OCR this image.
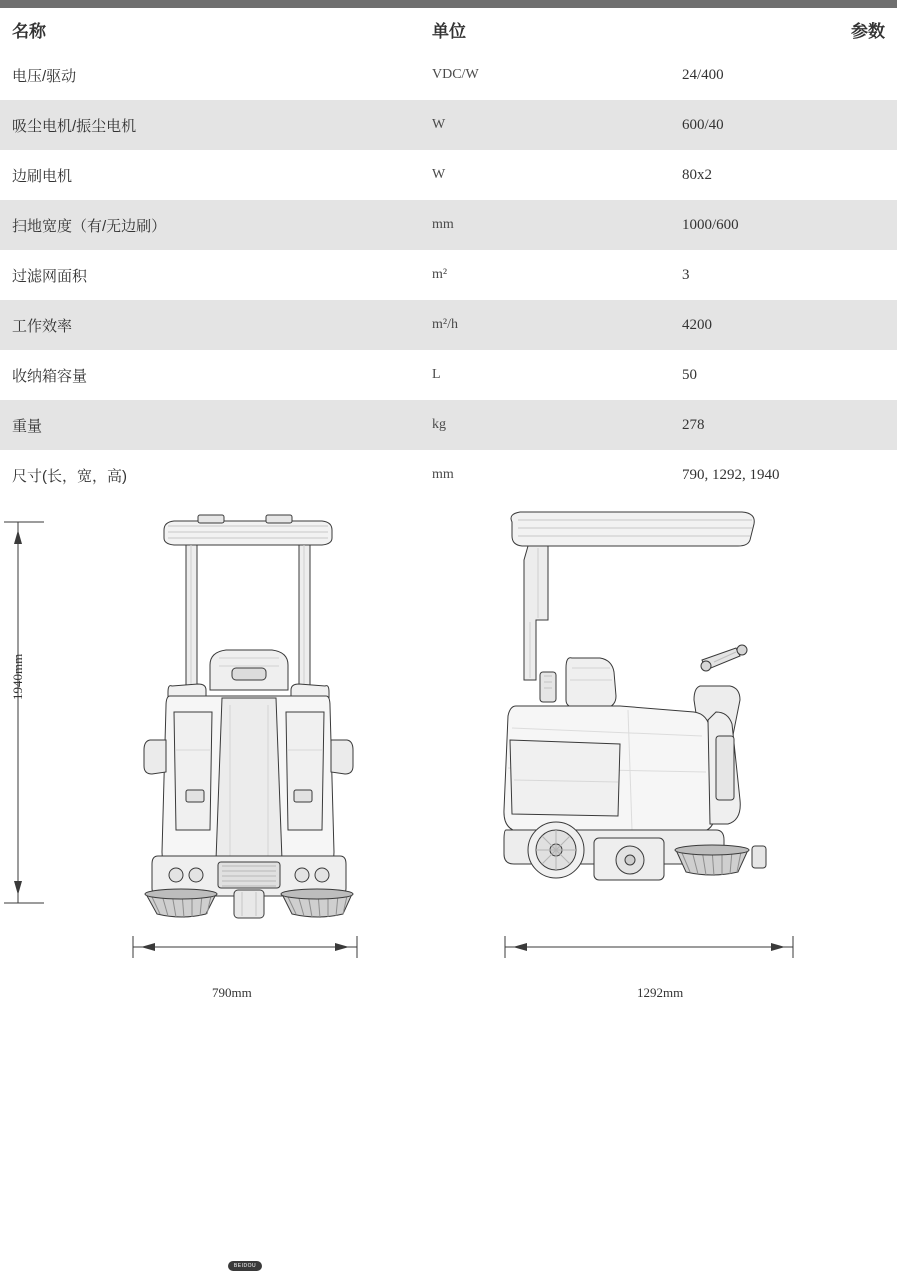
名称	单位	参数
电压/驱动	VDC/W	24/400
吸尘电机/振尘电机	W	600/40
边刷电机	W	80x2
扫地宽度（有/无边刷）	mm	1000/600
过滤网面积	m²	3
工作效率	m²/h	4200
收纳箱容量	L	50
重量	kg	278
尺寸(长，宽，高)	mm	790, 1292, 1940
BEIDOU
1940mm
790mm	1292mm
